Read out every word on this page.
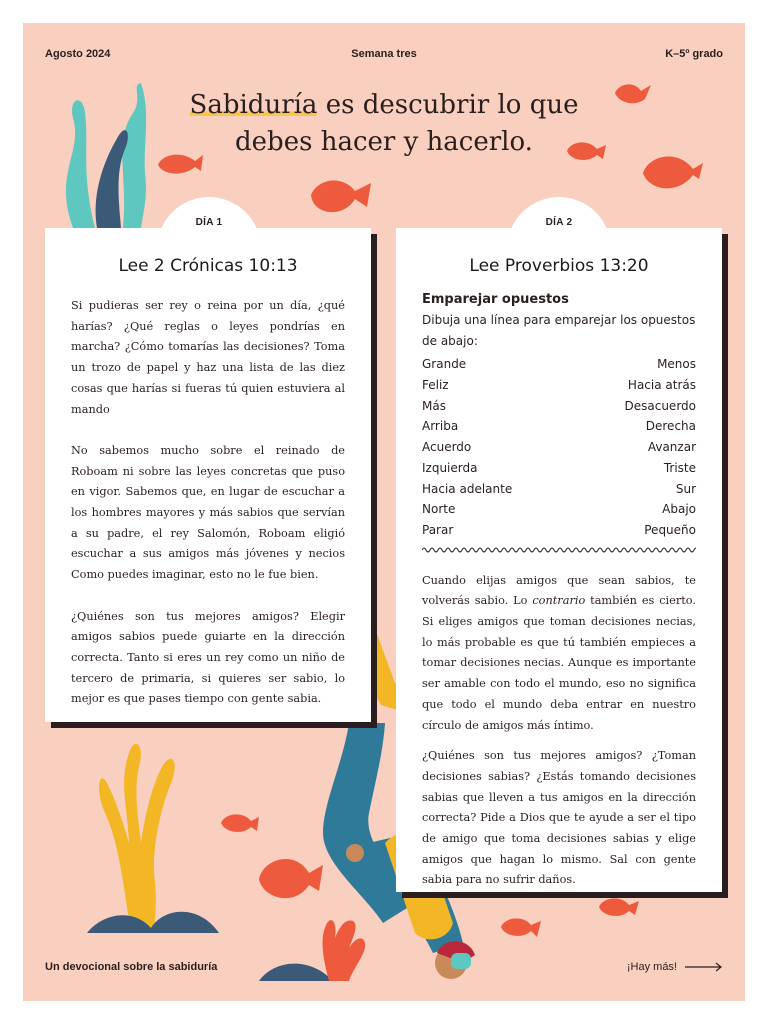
Agosto 2024	Semana tres	K–5º grado
Sabiduría es descubrir lo que
debes hacer y hacerlo.
DÍA 1
Lee 2 Crónicas 10:13

Si pudieras ser rey o reina por un día, ¿qué harías? ¿Qué reglas o leyes pondrías en marcha? ¿Cómo tomarías las decisiones? Toma un trozo de papel y haz una lista de las diez cosas que harías si fueras tú quien estuviera al mando

No sabemos mucho sobre el reinado de Roboam ni sobre las leyes concretas que puso en vigor. Sabemos que, en lugar de escuchar a los hombres mayores y más sabios que servían a su padre, el rey Salomón, Roboam eligió escuchar a sus amigos más jóvenes y necios Como puedes imaginar, esto no le fue bien.

¿Quiénes son tus mejores amigos? Elegir amigos sabios puede guiarte en la dirección correcta. Tanto si eres un rey como un niño de tercero de primaria, si quieres ser sabio, lo mejor es que pases tiempo con gente sabia.

DÍA 2
Lee Proverbios 13:20
Emparejar opuestos
Dibuja una línea para emparejar los opuestos de abajo:
Grande	Menos
Feliz	Hacia atrás
Más	Desacuerdo
Arriba	Derecha
Acuerdo	Avanzar
Izquierda	Triste
Hacia adelante	Sur
Norte	Abajo
Parar	Pequeño

Cuando elijas amigos que sean sabios, te volverás sabio. Lo contrario también es cierto. Si eliges amigos que toman decisiones necias, lo más probable es que tú también empieces a tomar decisiones necias. Aunque es importante ser amable con todo el mundo, eso no significa que todo el mundo deba entrar en nuestro círculo de amigos más íntimo.

¿Quiénes son tus mejores amigos? ¿Toman decisiones sabias? ¿Estás tomando decisiones sabias que lleven a tus amigos en la dirección correcta? Pide a Dios que te ayude a ser el tipo de amigo que toma decisiones sabias y elige amigos que hagan lo mismo. Sal con gente sabia para no sufrir daños.

Un devocional sobre la sabiduría	¡Hay más!
